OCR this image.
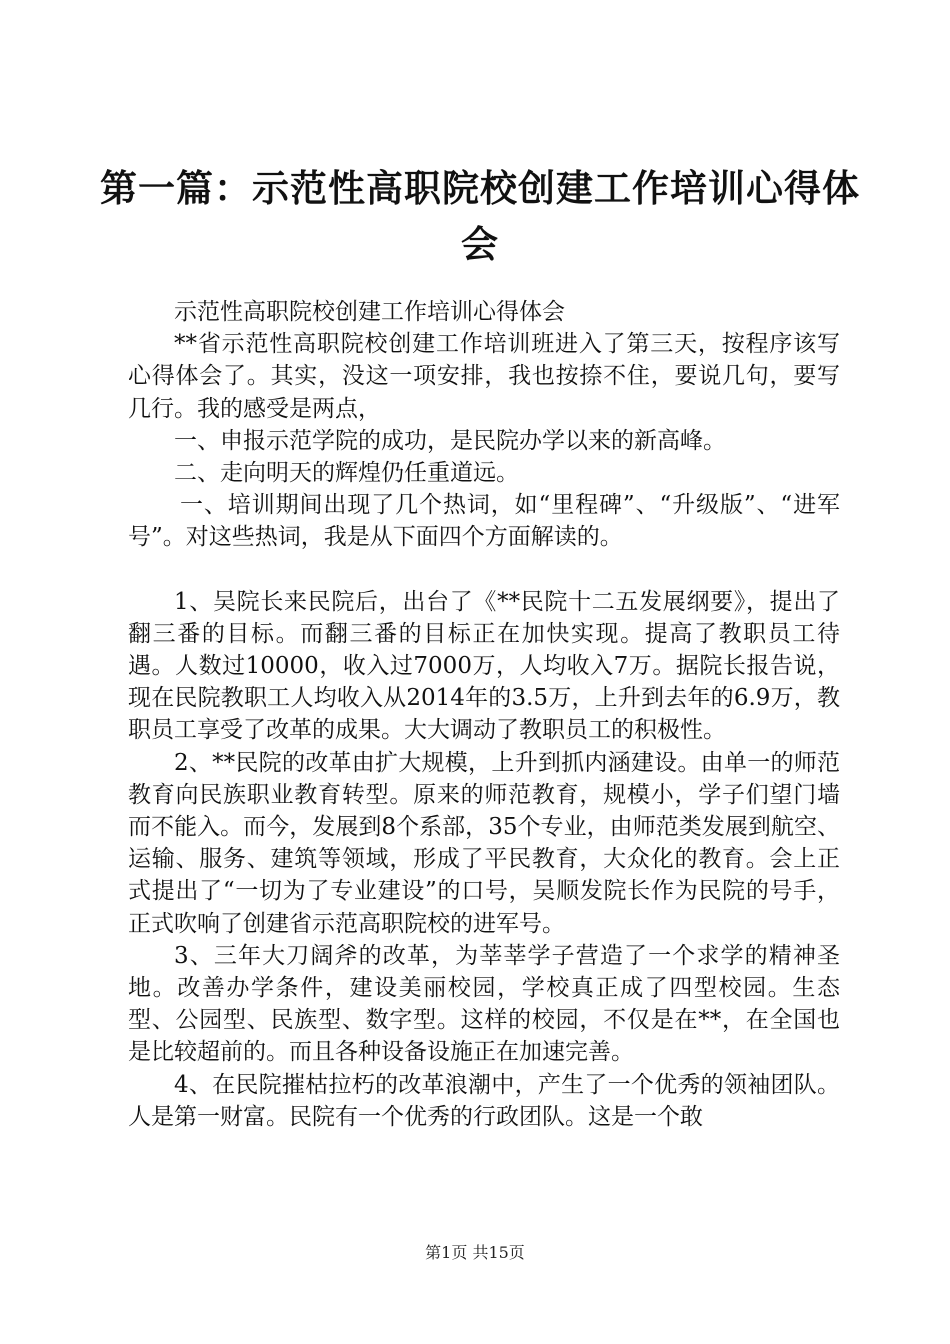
第一篇：示范性高职院校创建工作培训心得体会

示范性高职院校创建工作培训心得体会

**省示范性高职院校创建工作培训班进入了第三天，按程序该写心得体会了。其实，没这一项安排，我也按捺不住，要说几句，要写几行。我的感受是两点，

一、申报示范学院的成功，是民院办学以来的新高峰。

二、走向明天的辉煌仍任重道远。

一、培训期间出现了几个热词，如“里程碑”、“升级版”、“进军号”。对这些热词，我是从下面四个方面解读的。

1、吴院长来民院后，出台了《**民院十二五发展纲要》，提出了翻三番的目标。而翻三番的目标正在加快实现。提高了教职员工待遇。人数过10000，收入过7000万，人均收入7万。据院长报告说，现在民院教职工人均收入从2014年的3.5万，上升到去年的6.9万，教职员工享受了改革的成果。大大调动了教职员工的积极性。

2、**民院的改革由扩大规模，上升到抓内涵建设。由单一的师范教育向民族职业教育转型。原来的师范教育，规模小，学子们望门墙而不能入。而今，发展到8个系部，35个专业，由师范类发展到航空、运输、服务、建筑等领域，形成了平民教育，大众化的教育。会上正式提出了“一切为了专业建设”的口号，吴顺发院长作为民院的号手，正式吹响了创建省示范高职院校的进军号。

3、三年大刀阔斧的改革，为莘莘学子营造了一个求学的精神圣地。改善办学条件，建设美丽校园，学校真正成了四型校园。生态型、公园型、民族型、数字型。这样的校园，不仅是在**，在全国也是比较超前的。而且各种设备设施正在加速完善。

4、在民院摧枯拉朽的改革浪潮中，产生了一个优秀的领袖团队。人是第一财富。民院有一个优秀的行政团队。这是一个敢

第1页 共15页
